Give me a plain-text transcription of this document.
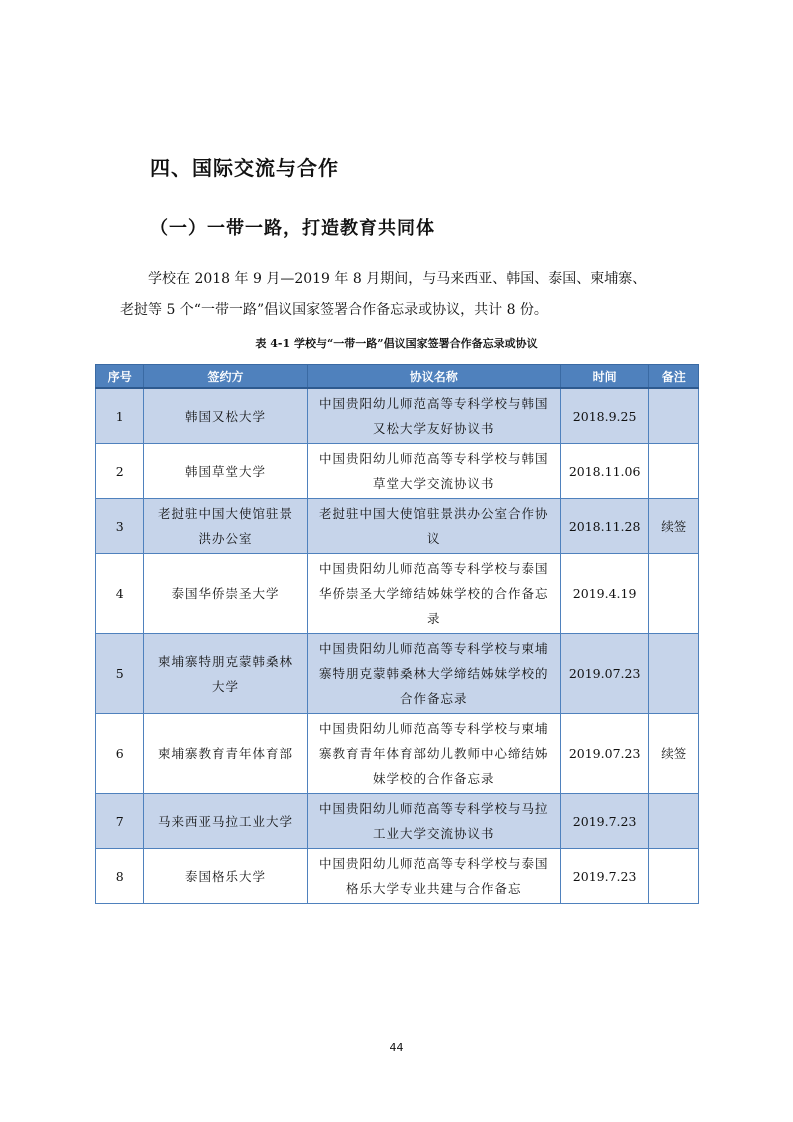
四、国际交流与合作
（一）一带一路，打造教育共同体
学校在 2018 年 9 月—2019 年 8 月期间，与马来西亚、韩国、泰国、柬埔寨、
老挝等 5 个“一带一路”倡议国家签署合作备忘录或协议，共计 8 份。
表 4-1 学校与“一带一路”倡议国家签署合作备忘录或协议
序号	签约方	协议名称	时间	备注
1	韩国又松大学	中国贵阳幼儿师范高等专科学校与韩国又松大学友好协议书	2018.9.25	
2	韩国草堂大学	中国贵阳幼儿师范高等专科学校与韩国草堂大学交流协议书	2018.11.06	
3	老挝驻中国大使馆驻景洪办公室	老挝驻中国大使馆驻景洪办公室合作协议	2018.11.28	续签
4	泰国华侨崇圣大学	中国贵阳幼儿师范高等专科学校与泰国华侨崇圣大学缔结姊妹学校的合作备忘录	2019.4.19	
5	柬埔寨特朋克蒙韩桑林大学	中国贵阳幼儿师范高等专科学校与柬埔寨特朋克蒙韩桑林大学缔结姊妹学校的合作备忘录	2019.07.23	
6	柬埔寨教育青年体育部	中国贵阳幼儿师范高等专科学校与柬埔寨教育青年体育部幼儿教师中心缔结姊妹学校的合作备忘录	2019.07.23	续签
7	马来西亚马拉工业大学	中国贵阳幼儿师范高等专科学校与马拉工业大学交流协议书	2019.7.23	
8	泰国格乐大学	中国贵阳幼儿师范高等专科学校与泰国格乐大学专业共建与合作备忘	2019.7.23	
44
